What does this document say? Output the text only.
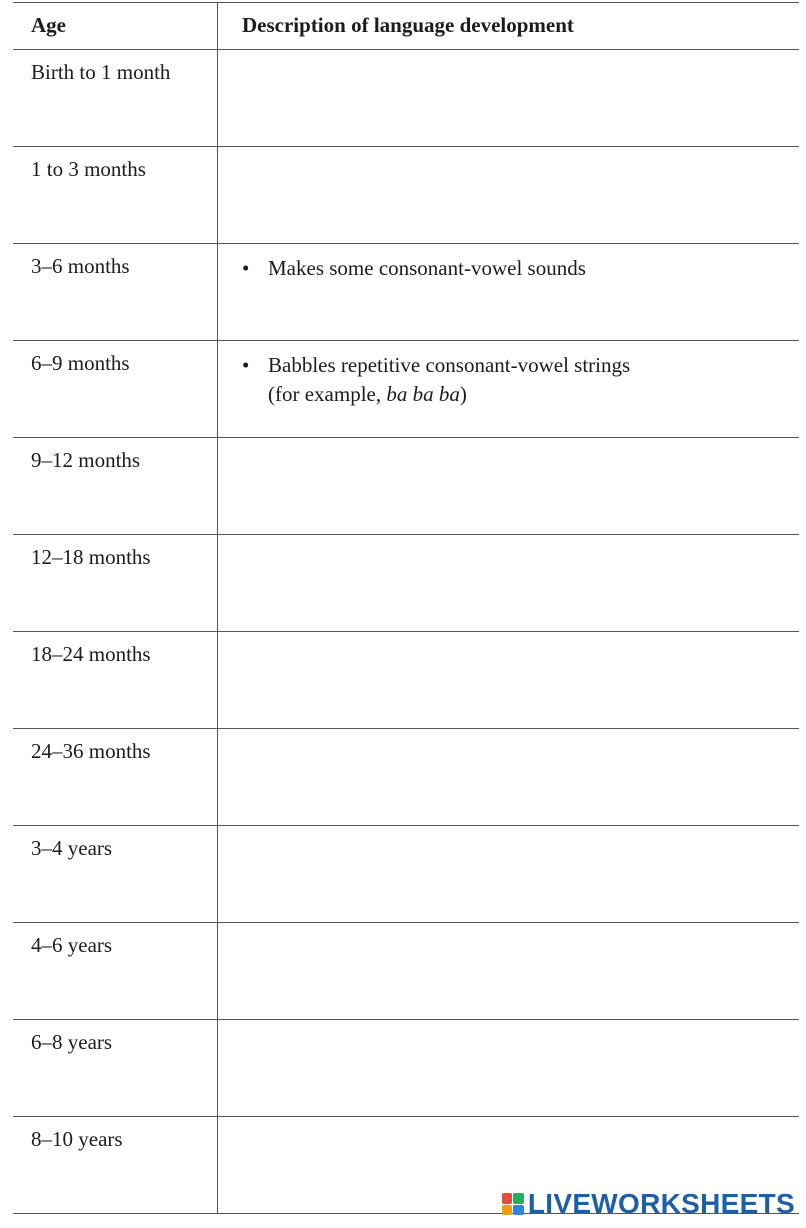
Age	Description of language development
Birth to 1 month
1 to 3 months
3–6 months	• Makes some consonant-vowel sounds
6–9 months	• Babbles repetitive consonant-vowel strings
(for example, ba ba ba)
9–12 months
12–18 months
18–24 months
24–36 months
3–4 years
4–6 years
6–8 years
8–10 years
LIVEWORKSHEETS
